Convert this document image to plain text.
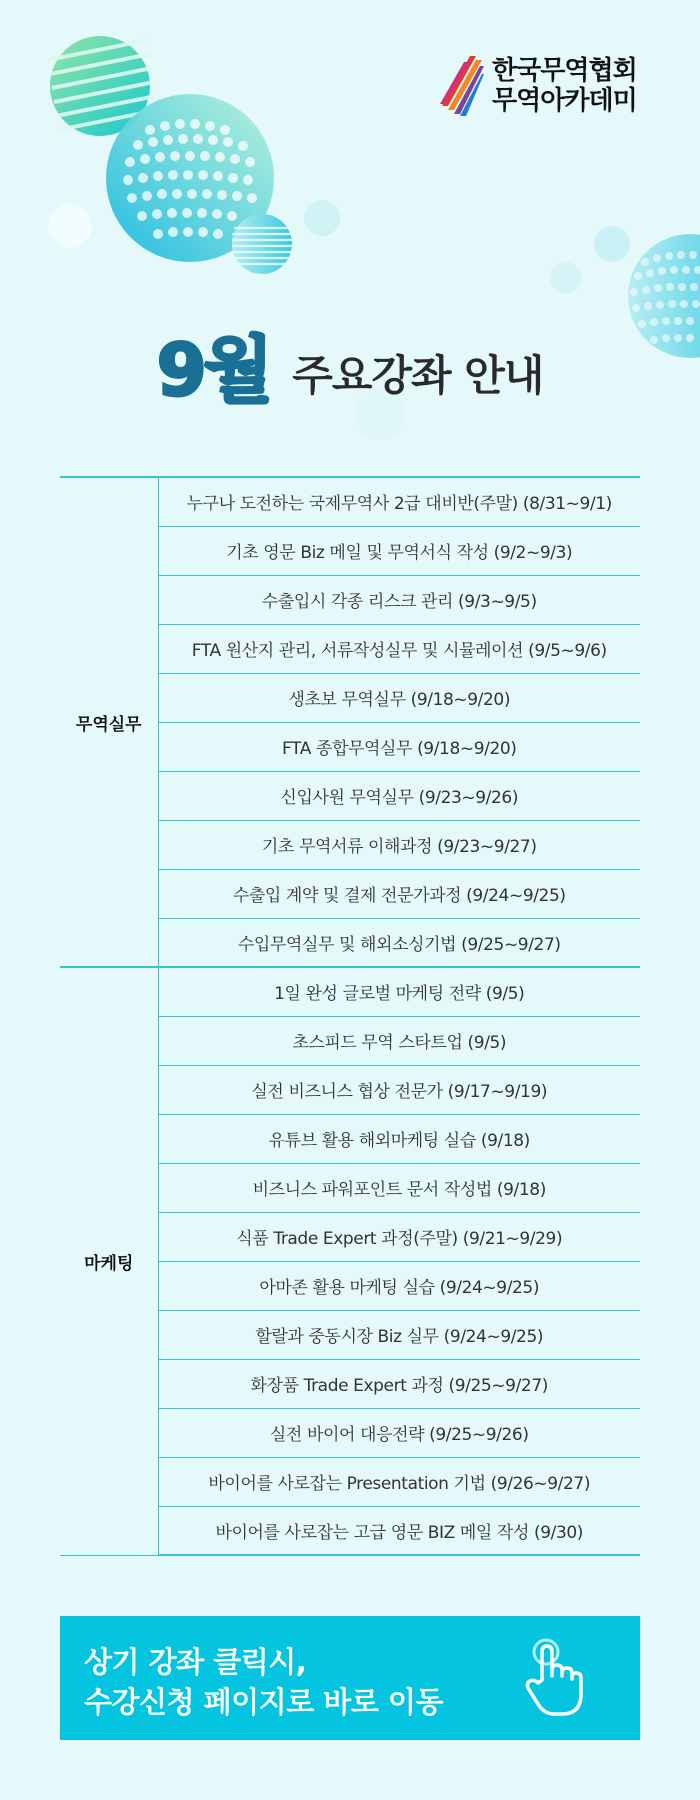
한국무역협회
무역아카데미
9월 주요강좌 안내
무역실무	누구나 도전하는 국제무역사 2급 대비반(주말) (8/31~9/1)
	기초 영문 Biz 메일 및 무역서식 작성 (9/2~9/3)
	수출입시 각종 리스크 관리 (9/3~9/5)
	FTA 원산지 관리, 서류작성실무 및 시뮬레이션 (9/5~9/6)
	생초보 무역실무 (9/18~9/20)
	FTA 종합무역실무 (9/18~9/20)
	신입사원 무역실무 (9/23~9/26)
	기초 무역서류 이해과정 (9/23~9/27)
	수출입 계약 및 결제 전문가과정 (9/24~9/25)
	수입무역실무 및 해외소싱기법 (9/25~9/27)
마케팅	1일 완성 글로벌 마케팅 전략 (9/5)
	초스피드 무역 스타트업 (9/5)
	실전 비즈니스 협상 전문가 (9/17~9/19)
	유튜브 활용 해외마케팅 실습 (9/18)
	비즈니스 파워포인트 문서 작성법 (9/18)
	식품 Trade Expert 과정(주말) (9/21~9/29)
	아마존 활용 마케팅 실습 (9/24~9/25)
	할랄과 중동시장 Biz 실무 (9/24~9/25)
	화장품 Trade Expert 과정 (9/25~9/27)
	실전 바이어 대응전략 (9/25~9/26)
	바이어를 사로잡는 Presentation 기법 (9/26~9/27)
	바이어를 사로잡는 고급 영문 BIZ 메일 작성 (9/30)
상기 강좌 클릭시,
수강신청 페이지로 바로 이동
